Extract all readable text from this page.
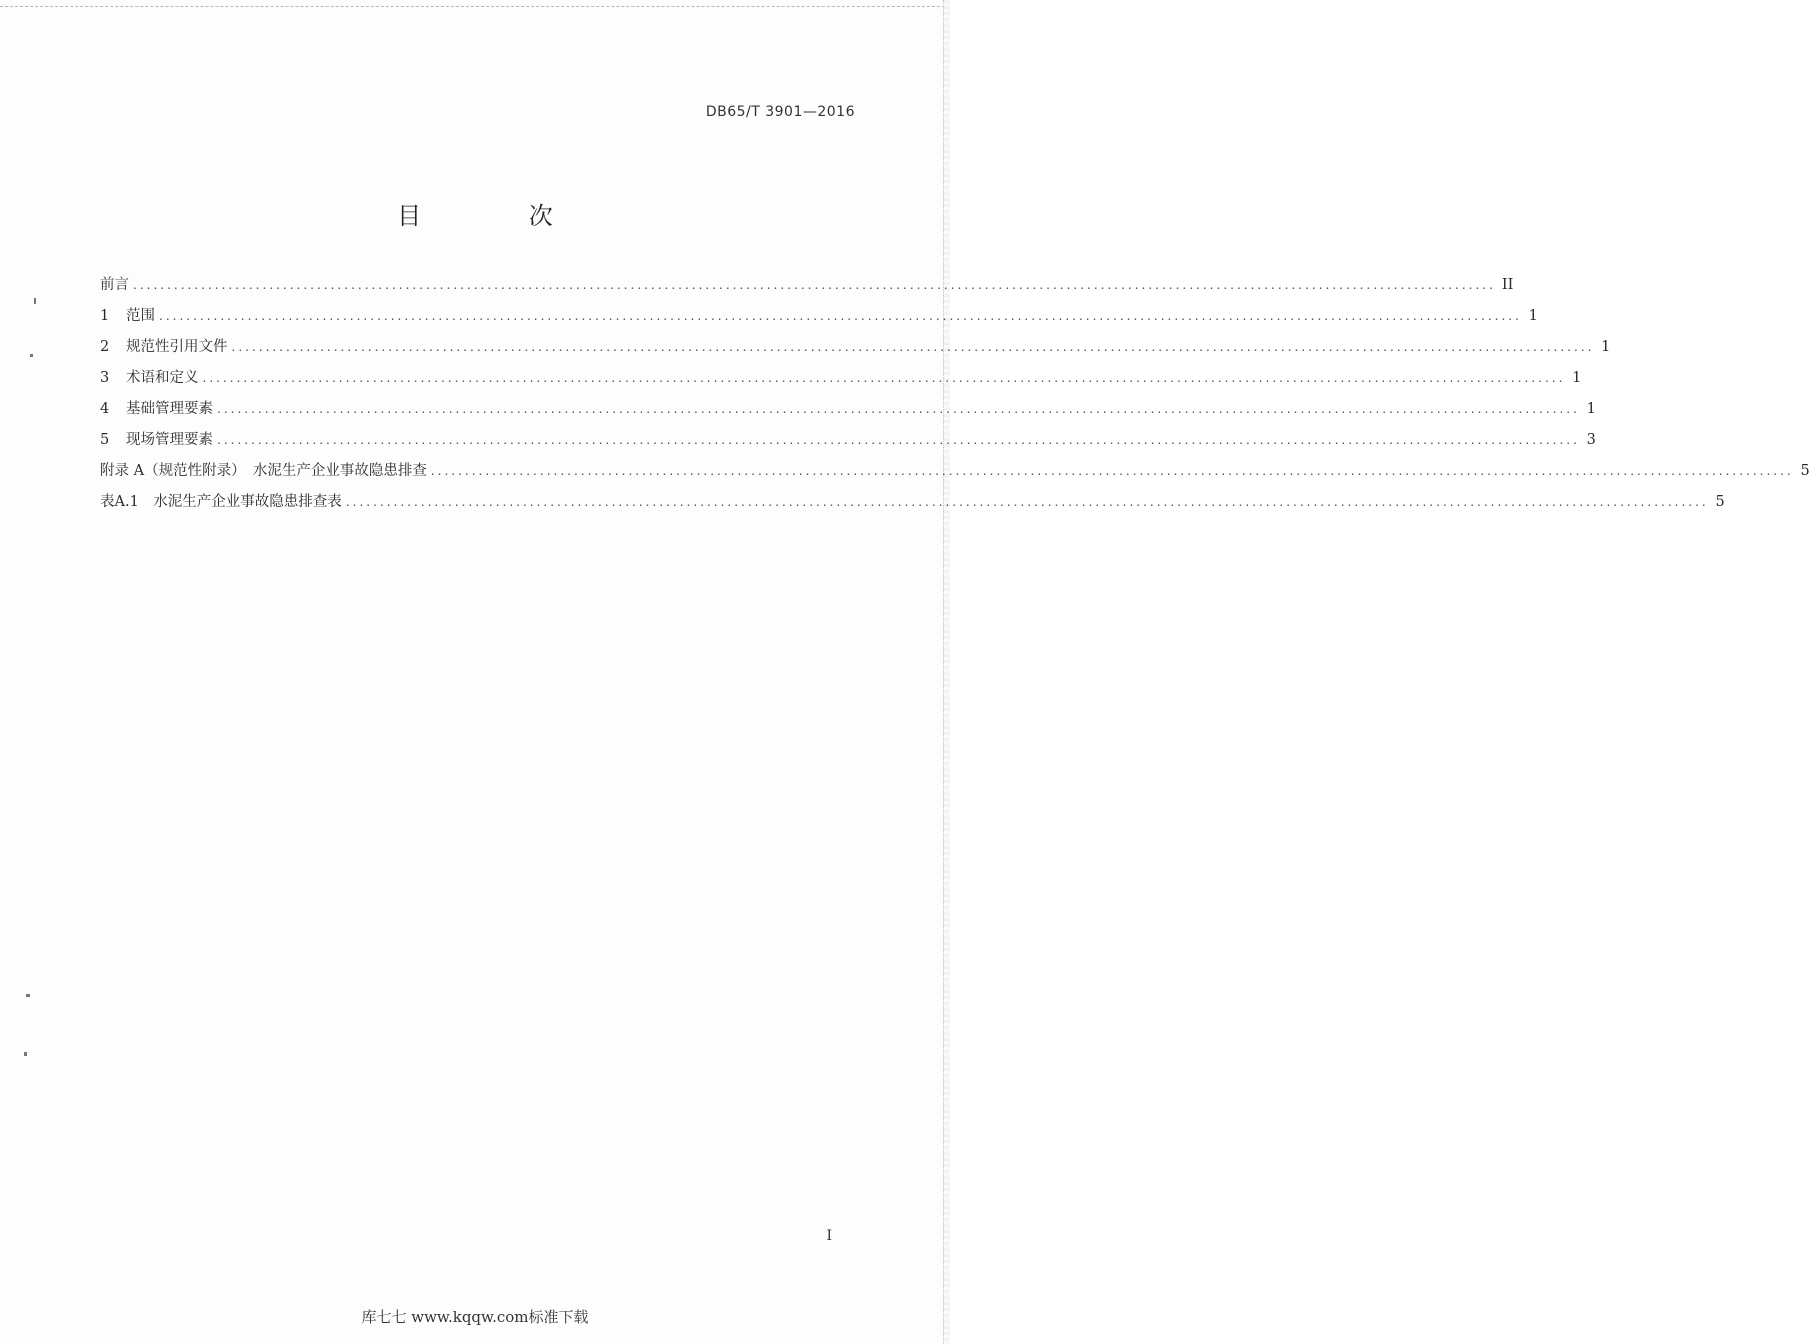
DB65/T 3901—2016
目 次
前言 ........................................................................................................................................................................................................ II
1 范围 ........................................................................................................................................................................................................ 1
2 规范性引用文件 ........................................................................................................................................................................................................ 1
3 术语和定义 ........................................................................................................................................................................................................ 1
4 基础管理要素 ........................................................................................................................................................................................................ 1
5 现场管理要素 ........................................................................................................................................................................................................ 3
附录 A（规范性附录）　水泥生产企业事故隐患排查 ........................................................................................................................................................................................................ 5
表A.1　水泥生产企业事故隐患排查表 ........................................................................................................................................................................................................ 5
I
库七七 www.kqqw.com标准下载
